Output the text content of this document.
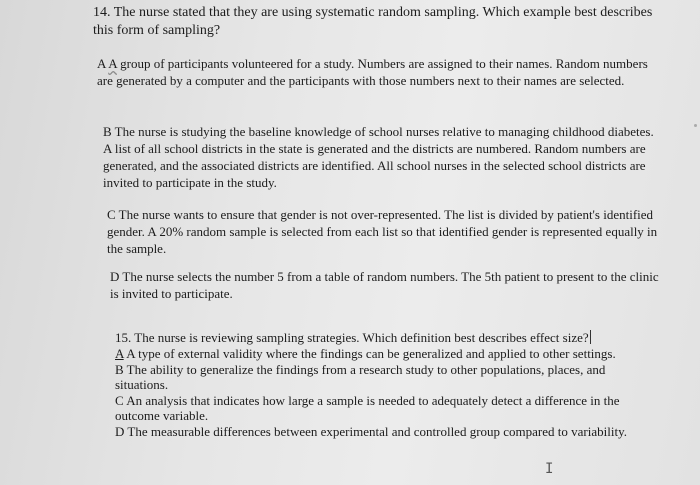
14. The nurse stated that they are using systematic random sampling. Which example best describes this form of sampling?

A A group of participants volunteered for a study. Numbers are assigned to their names. Random numbers are generated by a computer and the participants with those numbers next to their names are selected.

B The nurse is studying the baseline knowledge of school nurses relative to managing childhood diabetes. A list of all school districts in the state is generated and the districts are numbered. Random numbers are generated, and the associated districts are identified. All school nurses in the selected school districts are invited to participate in the study.

C The nurse wants to ensure that gender is not over-represented. The list is divided by patient's identified gender. A 20% random sample is selected from each list so that identified gender is represented equally in the sample.

D The nurse selects the number 5 from a table of random numbers. The 5th patient to present to the clinic is invited to participate.

15. The nurse is reviewing sampling strategies. Which definition best describes effect size?

A A type of external validity where the findings can be generalized and applied to other settings.

B The ability to generalize the findings from a research study to other populations, places, and situations.

C An analysis that indicates how large a sample is needed to adequately detect a difference in the outcome variable.

D The measurable differences between experimental and controlled group compared to variability.

I
